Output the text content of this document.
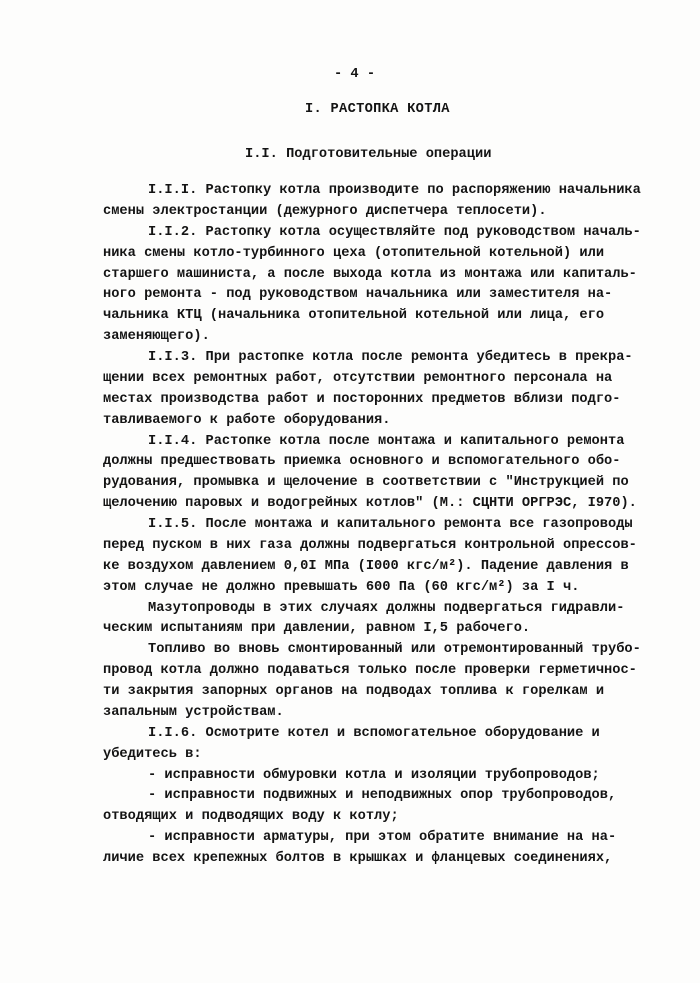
- 4 -
I. РАСТОПКА КОТЛА
I.I. Подготовительные операции
I.I.I. Растопку котла производите по распоряжению начальника
смены электростанции (дежурного диспетчера теплосети).
I.I.2. Растопку котла осуществляйте под руководством началь-
ника смены котло-турбинного цеха (отопительной котельной) или
старшего машиниста, а после выхода котла из монтажа или капиталь-
ного ремонта - под руководством начальника или заместителя на-
чальника КТЦ (начальника отопительной котельной или лица, его
заменяющего).
I.I.3. При растопке котла после ремонта убедитесь в прекра-
щении всех ремонтных работ, отсутствии ремонтного персонала на
местах производства работ и посторонних предметов вблизи подго-
тавливаемого к работе оборудования.
I.I.4. Растопке котла после монтажа и капитального ремонта
должны предшествовать приемка основного и вспомогательного обо-
рудования, промывка и щелочение в соответствии с "Инструкцией по
щелочению паровых и водогрейных котлов" (М.: СЦНТИ ОРГРЭС, I970).
I.I.5. После монтажа и капитального ремонта все газопроводы
перед пуском в них газа должны подвергаться контрольной опрессов-
ке воздухом давлением 0,0I МПа (I000 кгс/м²). Падение давления в
этом случае не должно превышать 600 Па (60 кгс/м²) за I ч.
Мазутопроводы в этих случаях должны подвергаться гидравли-
ческим испытаниям при давлении, равном I,5 рабочего.
Топливо во вновь смонтированный или отремонтированный трубо-
провод котла должно подаваться только после проверки герметичнос-
ти закрытия запорных органов на подводах топлива к горелкам и
запальным устройствам.
I.I.6. Осмотрите котел и вспомогательное оборудование и
убедитесь в:
- исправности обмуровки котла и изоляции трубопроводов;
- исправности подвижных и неподвижных опор трубопроводов,
отводящих и подводящих воду к котлу;
- исправности арматуры, при этом обратите внимание на на-
личие всех крепежных болтов в крышках и фланцевых соединениях,
